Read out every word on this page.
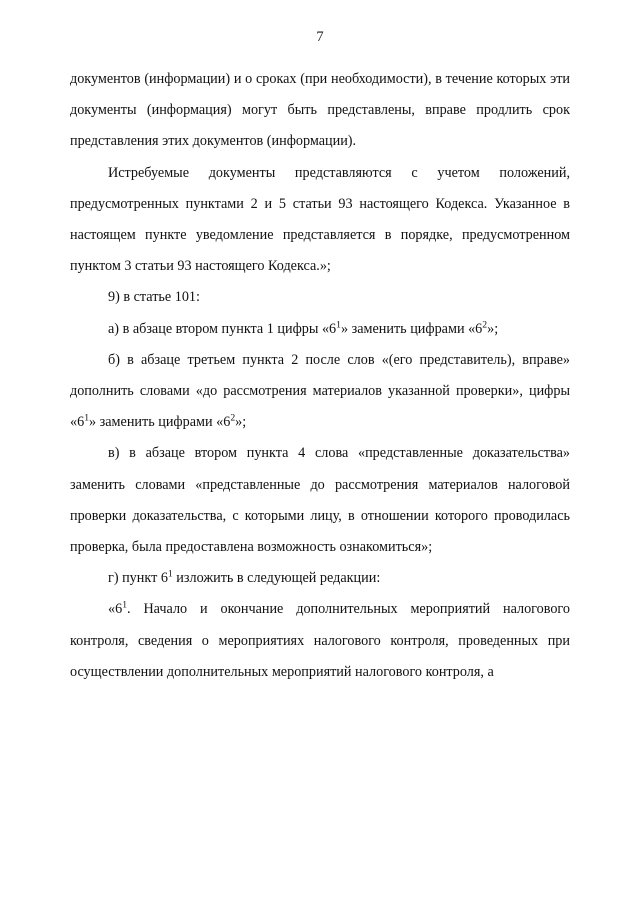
7

документов (информации) и о сроках (при необходимости), в течение которых эти документы (информация) могут быть представлены, вправе продлить срок представления этих документов (информации).

Истребуемые документы представляются с учетом положений, предусмотренных пунктами 2 и 5 статьи 93 настоящего Кодекса. Указанное в настоящем пункте уведомление представляется в порядке, предусмотренном пунктом 3 статьи 93 настоящего Кодекса.»;

9) в статье 101:

а) в абзаце втором пункта 1 цифры «$6^1$» заменить цифрами «$6^2$»;

б) в абзаце третьем пункта 2 после слов «(его представитель), вправе» дополнить словами «до рассмотрения материалов указанной проверки», цифры «$6^1$» заменить цифрами «$6^2$»;

в) в абзаце втором пункта 4 слова «представленные доказательства» заменить словами «представленные до рассмотрения материалов налоговой проверки доказательства, с которыми лицу, в отношении которого проводилась проверка, была предоставлена возможность ознакомиться»;

г) пункт $6^1$ изложить в следующей редакции:

«$6^1$. Начало и окончание дополнительных мероприятий налогового контроля, сведения о мероприятиях налогового контроля, проведенных при осуществлении дополнительных мероприятий налогового контроля, а
